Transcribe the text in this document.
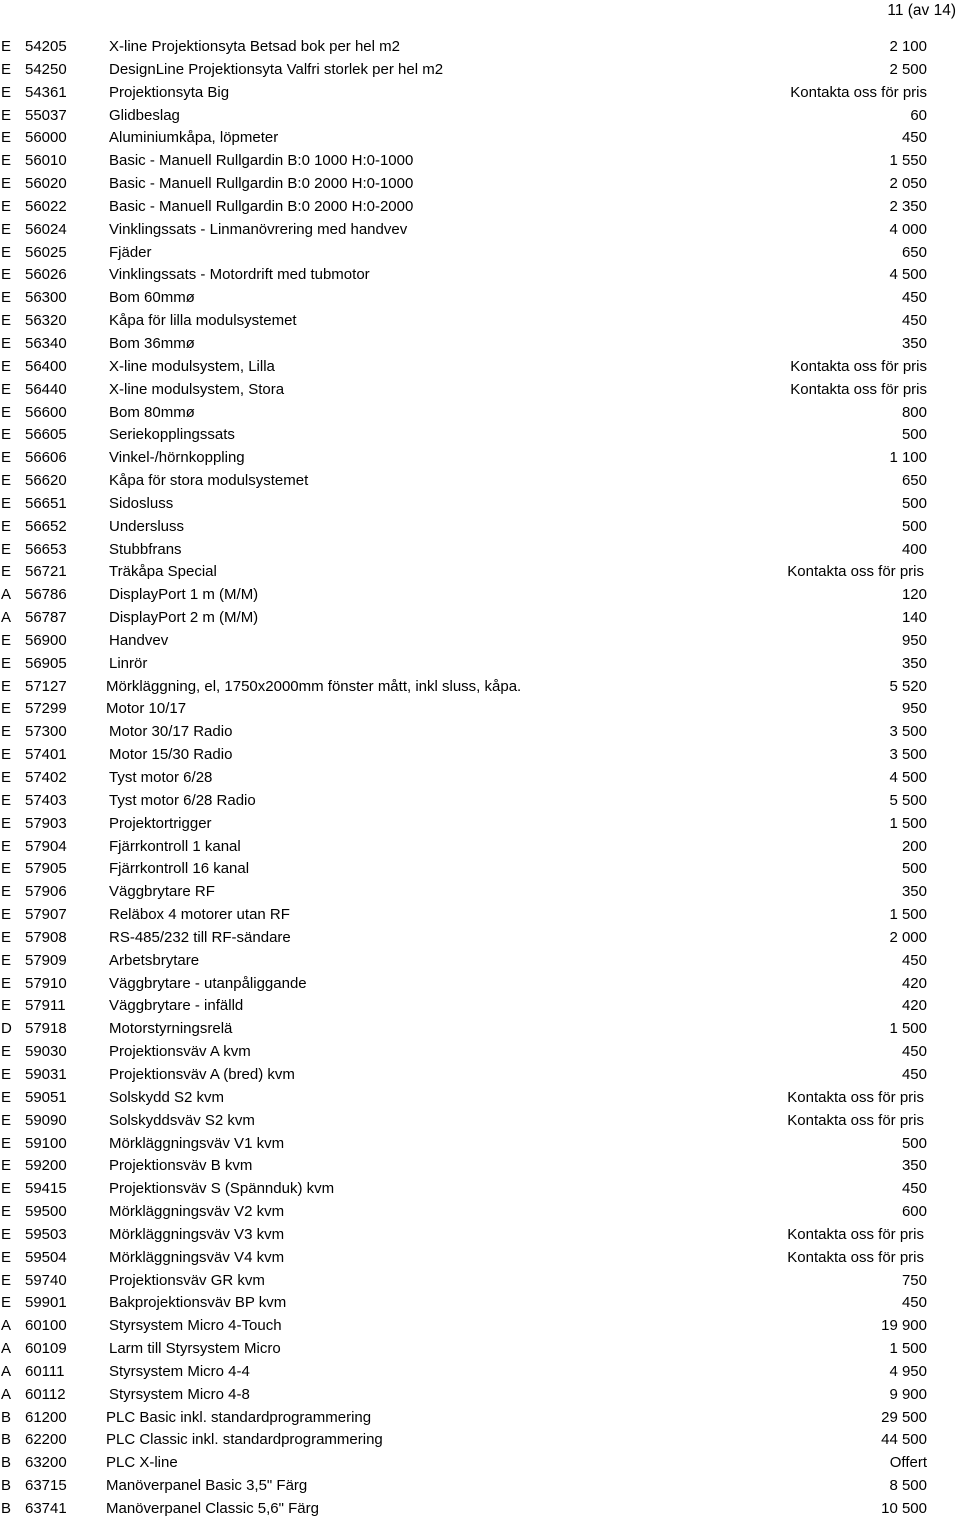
11 (av 14)
E 54205	X-line Projektionsyta Betsad bok per hel m2	2 100
E 54250	DesignLine Projektionsyta Valfri storlek per hel m2	2 500
E 54361	Projektionsyta Big	Kontakta oss för pris
E 55037	Glidbeslag	60
E 56000	Aluminiumkåpa, löpmeter	450
E 56010	Basic - Manuell Rullgardin B:0 1000 H:0-1000	1 550
E 56020	Basic - Manuell Rullgardin B:0 2000 H:0-1000	2 050
E 56022	Basic - Manuell Rullgardin B:0 2000 H:0-2000	2 350
E 56024	Vinklingssats - Linmanövrering med handvev	4 000
E 56025	Fjäder	650
E 56026	Vinklingssats - Motordrift med tubmotor	4 500
E 56300	Bom 60mmø	450
E 56320	Kåpa för lilla modulsystemet	450
E 56340	Bom 36mmø	350
E 56400	X-line modulsystem, Lilla	Kontakta oss för pris
E 56440	X-line modulsystem, Stora	Kontakta oss för pris
E 56600	Bom 80mmø	800
E 56605	Seriekopplingssats	500
E 56606	Vinkel-/hörnkoppling	1 100
E 56620	Kåpa för stora modulsystemet	650
E 56651	Sidosluss	500
E 56652	Undersluss	500
E 56653	Stubbfrans	400
E 56721	Träkåpa Special	Kontakta oss för pris
A 56786	DisplayPort 1 m (M/M)	120
A 56787	DisplayPort 2 m (M/M)	140
E 56900	Handvev	950
E 56905	Linrör	350
E 57127	Mörkläggning, el, 1750x2000mm fönster mått, inkl sluss, kåpa.	5 520
E 57299	Motor 10/17	950
E 57300	Motor 30/17 Radio	3 500
E 57401	Motor 15/30 Radio	3 500
E 57402	Tyst motor 6/28	4 500
E 57403	Tyst motor 6/28 Radio	5 500
E 57903	Projektortrigger	1 500
E 57904	Fjärrkontroll 1 kanal	200
E 57905	Fjärrkontroll 16 kanal	500
E 57906	Väggbrytare RF	350
E 57907	Reläbox 4 motorer utan RF	1 500
E 57908	RS-485/232 till RF-sändare	2 000
E 57909	Arbetsbrytare	450
E 57910	Väggbrytare - utanpåliggande	420
E 57911	Väggbrytare - infälld	420
D 57918	Motorstyrningsrelä	1 500
E 59030	Projektionsväv A kvm	450
E 59031	Projektionsväv A (bred) kvm	450
E 59051	Solskydd S2 kvm	Kontakta oss för pris
E 59090	Solskyddsväv S2 kvm	Kontakta oss för pris
E 59100	Mörkläggningsväv V1 kvm	500
E 59200	Projektionsväv B kvm	350
E 59415	Projektionsväv S (Spännduk) kvm	450
E 59500	Mörkläggningsväv V2 kvm	600
E 59503	Mörkläggningsväv V3 kvm	Kontakta oss för pris
E 59504	Mörkläggningsväv V4 kvm	Kontakta oss för pris
E 59740	Projektionsväv GR kvm	750
E 59901	Bakprojektionsväv BP kvm	450
A 60100	Styrsystem Micro 4-Touch	19 900
A 60109	Larm till Styrsystem Micro	1 500
A 60111	Styrsystem Micro 4-4	4 950
A 60112	Styrsystem Micro 4-8	9 900
B 61200	PLC Basic inkl. standardprogrammering	29 500
B 62200	PLC Classic inkl. standardprogrammering	44 500
B 63200	PLC X-line	Offert
B 63715	Manöverpanel Basic 3,5" Färg	8 500
B 63741	Manöverpanel Classic 5,6" Färg	10 500
